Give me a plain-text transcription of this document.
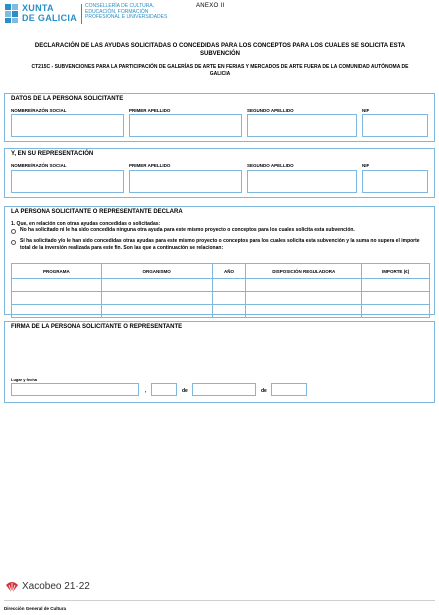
XUNTA
DE GALICIA
CONSELLERÍA DE CULTURA,
EDUCACIÓN, FORMACIÓN
PROFESIONAL E UNIVERSIDADES
ANEXO II
DECLARACIÓN DE LAS AYUDAS SOLICITADAS O CONCEDIDAS PARA LOS CONCEPTOS PARA LOS CUALES SE SOLICITA ESTA SUBVENCIÓN
CT215C - SUBVENCIONES PARA LA PARTICIPACIÓN DE GALERÍAS DE ARTE EN FERIAS Y MERCADOS DE ARTE FUERA DE LA COMUNIDAD AUTÓNOMA DE GALICIA
DATOS DE LA PERSONA SOLICITANTE
NOMBRE/RAZÓN SOCIAL	PRIMER APELLIDO	SEGUNDO APELLIDO	NIF
Y, EN SU REPRESENTACIÓN
NOMBRE/RAZÓN SOCIAL	PRIMER APELLIDO	SEGUNDO APELLIDO	NIF
LA PERSONA SOLICITANTE O REPRESENTANTE DECLARA
1. Que, en relación con otras ayudas concedidas o solicitadas:
No ha solicitado ni le ha sido concedida ninguna otra ayuda para este mismo proyecto o conceptos para los cuales solicita esta subvención.
Sí ha solicitado y/o le han sido concedidas otras ayudas para este mismo proyecto o conceptos para los cuales solicita esta subvención y la suma no supera el importe total de la inversión realizada para este fin. Son las que a continuación se relacionan:
PROGRAMA	ORGANISMO	AÑO	DISPOSICIÓN REGULADORA	IMPORTE (€)

FIRMA DE LA PERSONA SOLICITANTE O REPRESENTANTE
Lugar y fecha
,	de	de
Xacobeo 21·22
Dirección General de Cultura
